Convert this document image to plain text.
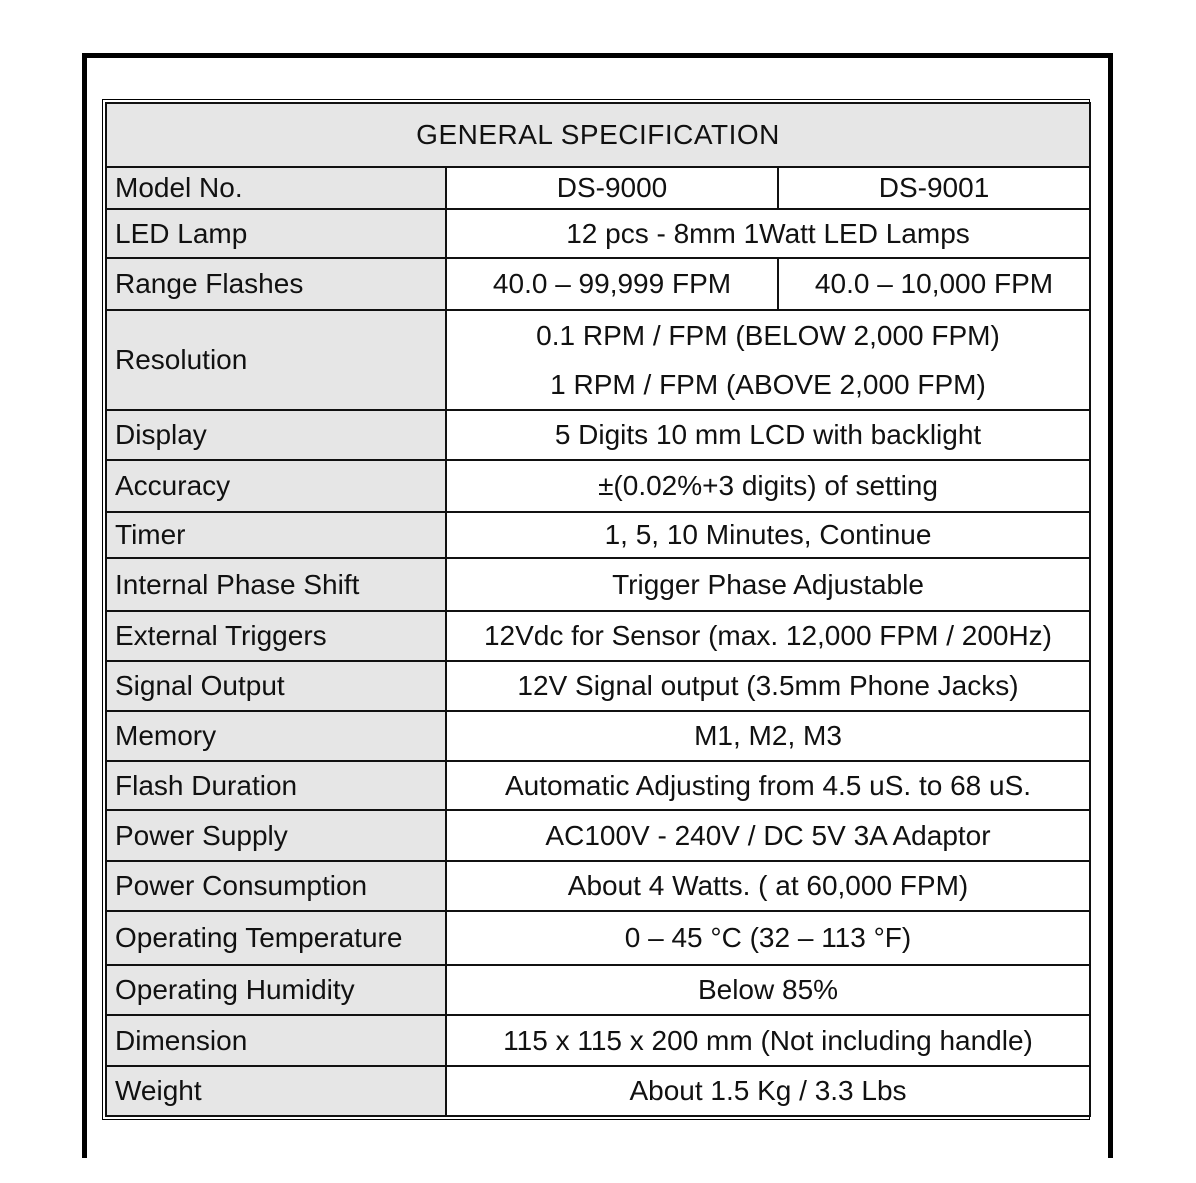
GENERAL SPECIFICATION		
Model No.	DS-9000	DS-9001
LED Lamp	12 pcs - 8mm 1Watt LED Lamps	
Range Flashes	40.0 – 99,999 FPM	40.0 – 10,000 FPM
Resolution	0.1 RPM / FPM (BELOW 2,000 FPM)
1 RPM / FPM (ABOVE 2,000 FPM)	

Display	5 Digits 10 mm LCD with backlight	
Accuracy	±(0.02%+3 digits) of setting	
Timer	1, 5, 10 Minutes, Continue	
Internal Phase Shift	Trigger Phase Adjustable	
External Triggers	12Vdc for Sensor (max. 12,000 FPM / 200Hz)	
Signal Output	12V Signal output (3.5mm Phone Jacks)	
Memory	M1, M2, M3	
Flash Duration	Automatic Adjusting from 4.5 uS. to 68 uS.	
Power Supply	AC100V - 240V / DC 5V 3A Adaptor	
Power Consumption	About 4 Watts. ( at 60,000 FPM)	
Operating Temperature	0 – 45 °C (32 – 113 °F)	
Operating Humidity	Below 85%	
Dimension	115 x 115 x 200 mm (Not including handle)	
Weight	About 1.5 Kg / 3.3 Lbs	
